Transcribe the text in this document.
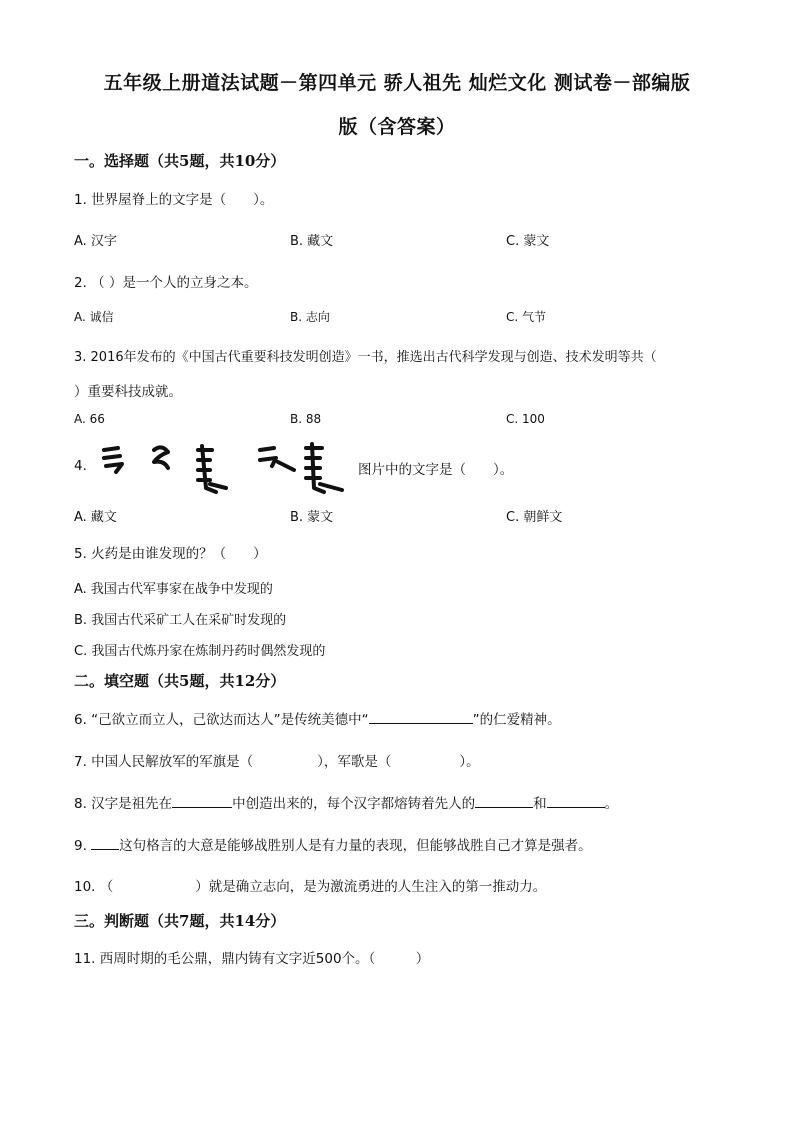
五年级上册道法试题－第四单元 骄人祖先 灿烂文化 测试卷－部编版
版（含答案）
一。选择题（共5题，共10分）
1. 世界屋脊上的文字是（　　）。
A. 汉字	B. 藏文	C. 蒙文
2. （ ）是一个人的立身之本。
A. 诚信	B. 志向	C. 气节
3. 2016年发布的《中国古代重要科技发明创造》一书，推选出古代科学发现与创造、技术发明等共（
）重要科技成就。
A. 66	B. 88	C. 100
4.	图片中的文字是（　　）。
A. 藏文	B. 蒙文	C. 朝鲜文
5. 火药是由谁发现的？（　　）
A. 我国古代军事家在战争中发现的
B. 我国古代采矿工人在采矿时发现的
C. 我国古代炼丹家在炼制丹药时偶然发现的
二。填空题（共5题，共12分）
6. “己欲立而立人，己欲达而达人”是传统美德中“	”的仁爱精神。
7. 中国人民解放军的军旗是（	），军歌是（	）。
8. 汉字是祖先在	中创造出来的，每个汉字都熔铸着先人的	和	。
9. 这句格言的大意是能够战胜别人是有力量的表现，但能够战胜自己才算是强者。
10. （	）就是确立志向，是为激流勇进的人生注入的第一推动力。
三。判断题（共7题，共14分）
11. 西周时期的毛公鼎，鼎内铸有文字近500个。（　　　）
